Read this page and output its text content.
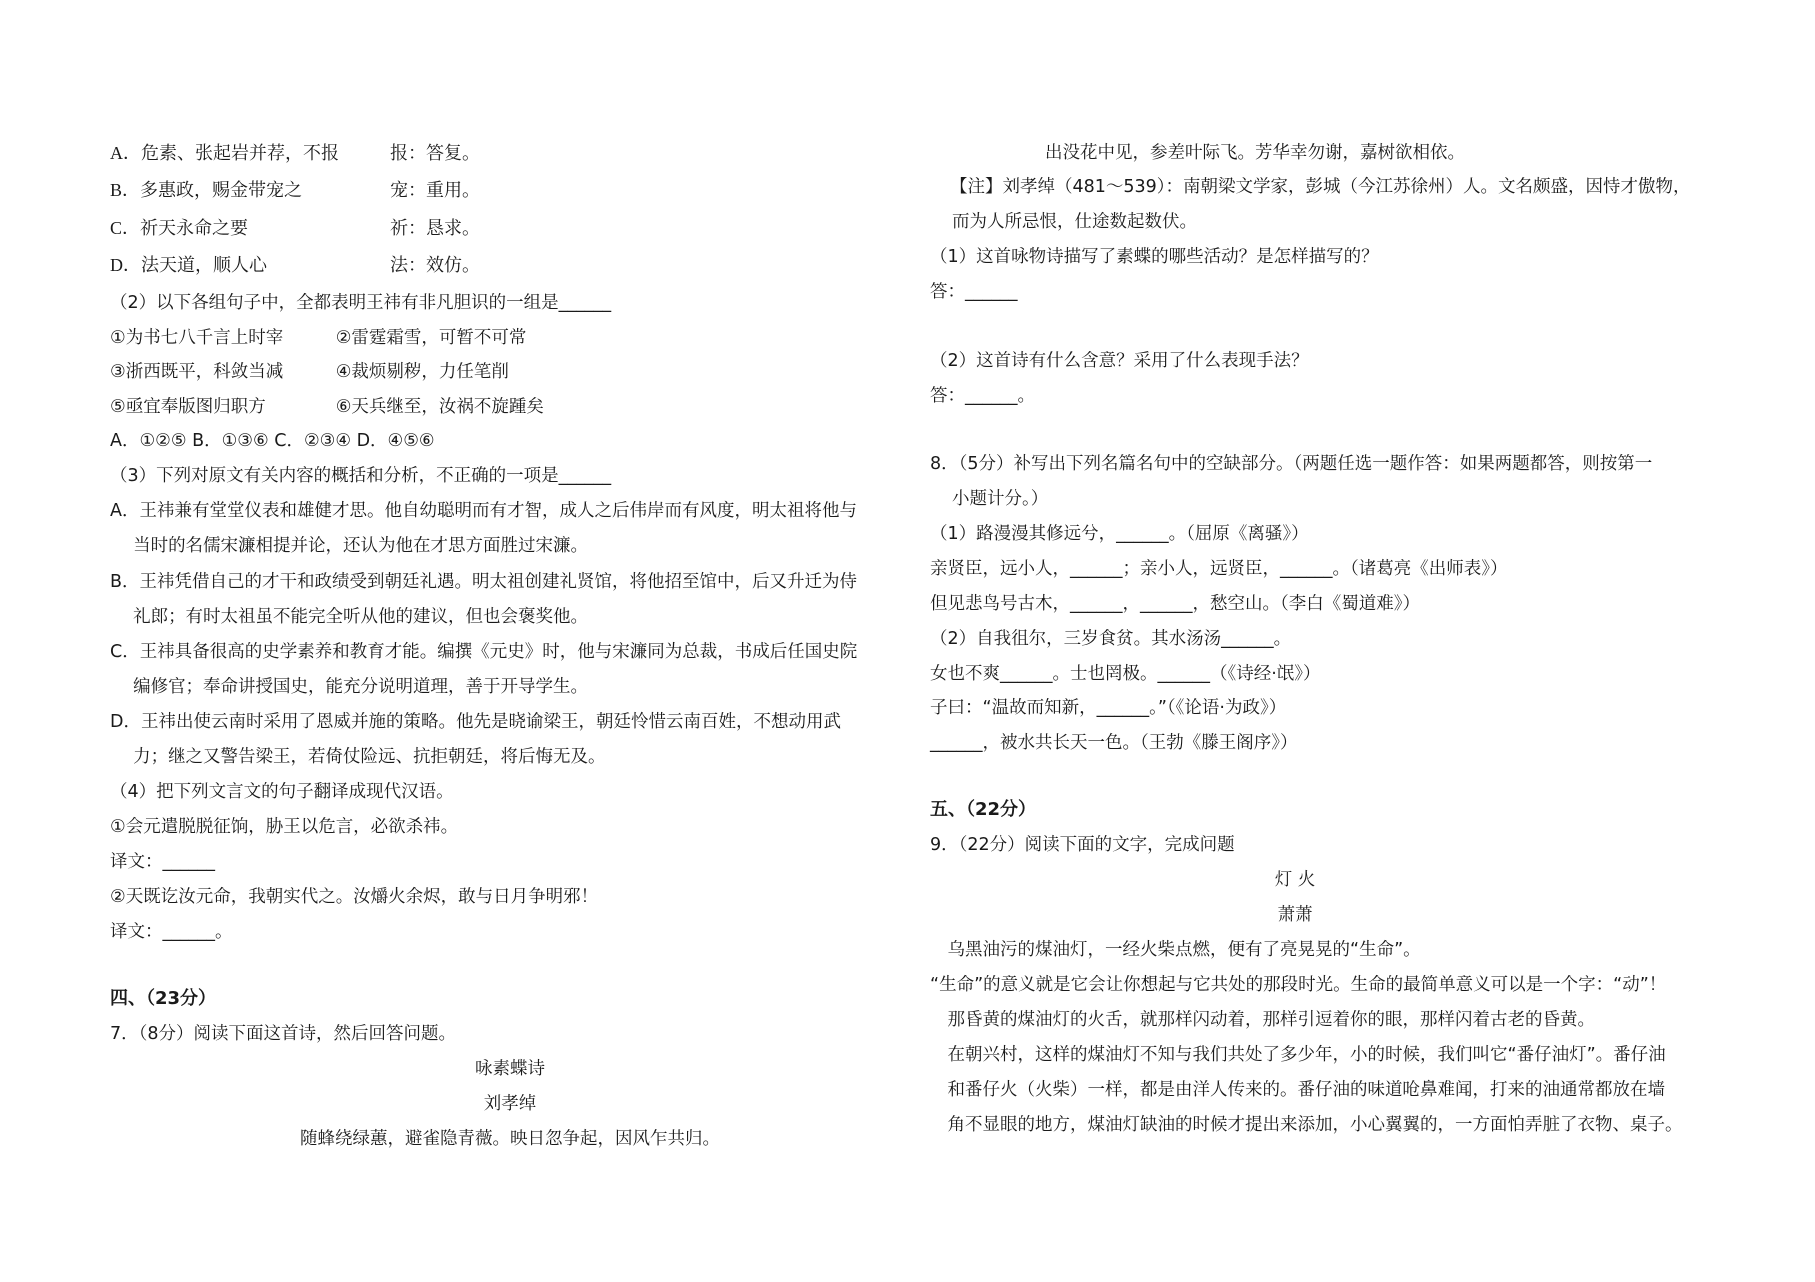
A．危素、张起岩并荐，不报	报：答复。
B．多惠政，赐金带宠之	宠：重用。
C．祈天永命之要	祈：恳求。
D．法天道，顺人心	法：效仿。
（2）以下各组句子中，全都表明王祎有非凡胆识的一组是______
①为书七八千言上时宰　　　②雷霆霜雪，可暂不可常
③浙西既平，科敛当减　　　④裁烦剔秽，力任笔削
⑤亟宜奉版图归职方　　　　⑥天兵继至，汝祸不旋踵矣
A．①②⑤ B．①③⑥ C．②③④ D．④⑤⑥
（3）下列对原文有关内容的概括和分析，不正确的一项是______
A．王祎兼有堂堂仪表和雄健才思。他自幼聪明而有才智，成人之后伟岸而有风度，明太祖将他与
　 当时的名儒宋濂相提并论，还认为他在才思方面胜过宋濂。
B．王祎凭借自己的才干和政绩受到朝廷礼遇。明太祖创建礼贤馆，将他招至馆中，后又升迁为侍
　 礼郎；有时太祖虽不能完全听从他的建议，但也会褒奖他。
C．王祎具备很高的史学素养和教育才能。编撰《元史》时，他与宋濂同为总裁，书成后任国史院
　 编修官；奉命讲授国史，能充分说明道理，善于开导学生。
D．王祎出使云南时采用了恩威并施的策略。他先是晓谕梁王，朝廷怜惜云南百姓，不想动用武
　 力；继之又警告梁王，若倚仗险远、抗拒朝廷，将后悔无及。
（4）把下列文言文的句子翻译成现代汉语。
①会元遣脱脱征饷，胁王以危言，必欲杀祎。
译文：______
②天既讫汝元命，我朝实代之。汝爝火余烬，敢与日月争明邪！
译文：______。
四、（23分）
7．（8分）阅读下面这首诗，然后回答问题。
咏素蝶诗
刘孝绰
随蜂绕绿蕙，避雀隐青薇。映日忽争起，因风乍共归。
出没花中见，参差叶际飞。芳华幸勿谢，嘉树欲相依。
【注】刘孝绰（481～539）：南朝梁文学家，彭城（今江苏徐州）人。文名颇盛，因恃才傲物，
而为人所忌恨，仕途数起数伏。
（1）这首咏物诗描写了素蝶的哪些活动？是怎样描写的？
答：______
（2）这首诗有什么含意？采用了什么表现手法？
答：______。
8．（5分）补写出下列名篇名句中的空缺部分。（两题任选一题作答：如果两题都答，则按第一
小题计分。）
（1）路漫漫其修远兮，______。（屈原《离骚》）
亲贤臣，远小人，______；亲小人，远贤臣，______。（诸葛亮《出师表》）
但见悲鸟号古木，______，______，愁空山。（李白《蜀道难》）
（2）自我徂尔，三岁食贫。其水汤汤______。
女也不爽______。士也罔极。______（《诗经·氓》）
子曰：“温故而知新，______。”（《论语·为政》）
______，被水共长天一色。（王勃《滕王阁序》）
五、（22分）
9．（22分）阅读下面的文字，完成问题
灯 火
萧萧
　乌黑油污的煤油灯，一经火柴点燃，便有了亮晃晃的“生命”。
“生命”的意义就是它会让你想起与它共处的那段时光。生命的最简单意义可以是一个字：“动”！
　那昏黄的煤油灯的火舌，就那样闪动着，那样引逗着你的眼，那样闪着古老的昏黄。
　在朝兴村，这样的煤油灯不知与我们共处了多少年，小的时候，我们叫它“番仔油灯”。番仔油
　和番仔火（火柴）一样，都是由洋人传来的。番仔油的味道呛鼻难闻，打来的油通常都放在墙
　角不显眼的地方，煤油灯缺油的时候才提出来添加，小心翼翼的，一方面怕弄脏了衣物、桌子。
